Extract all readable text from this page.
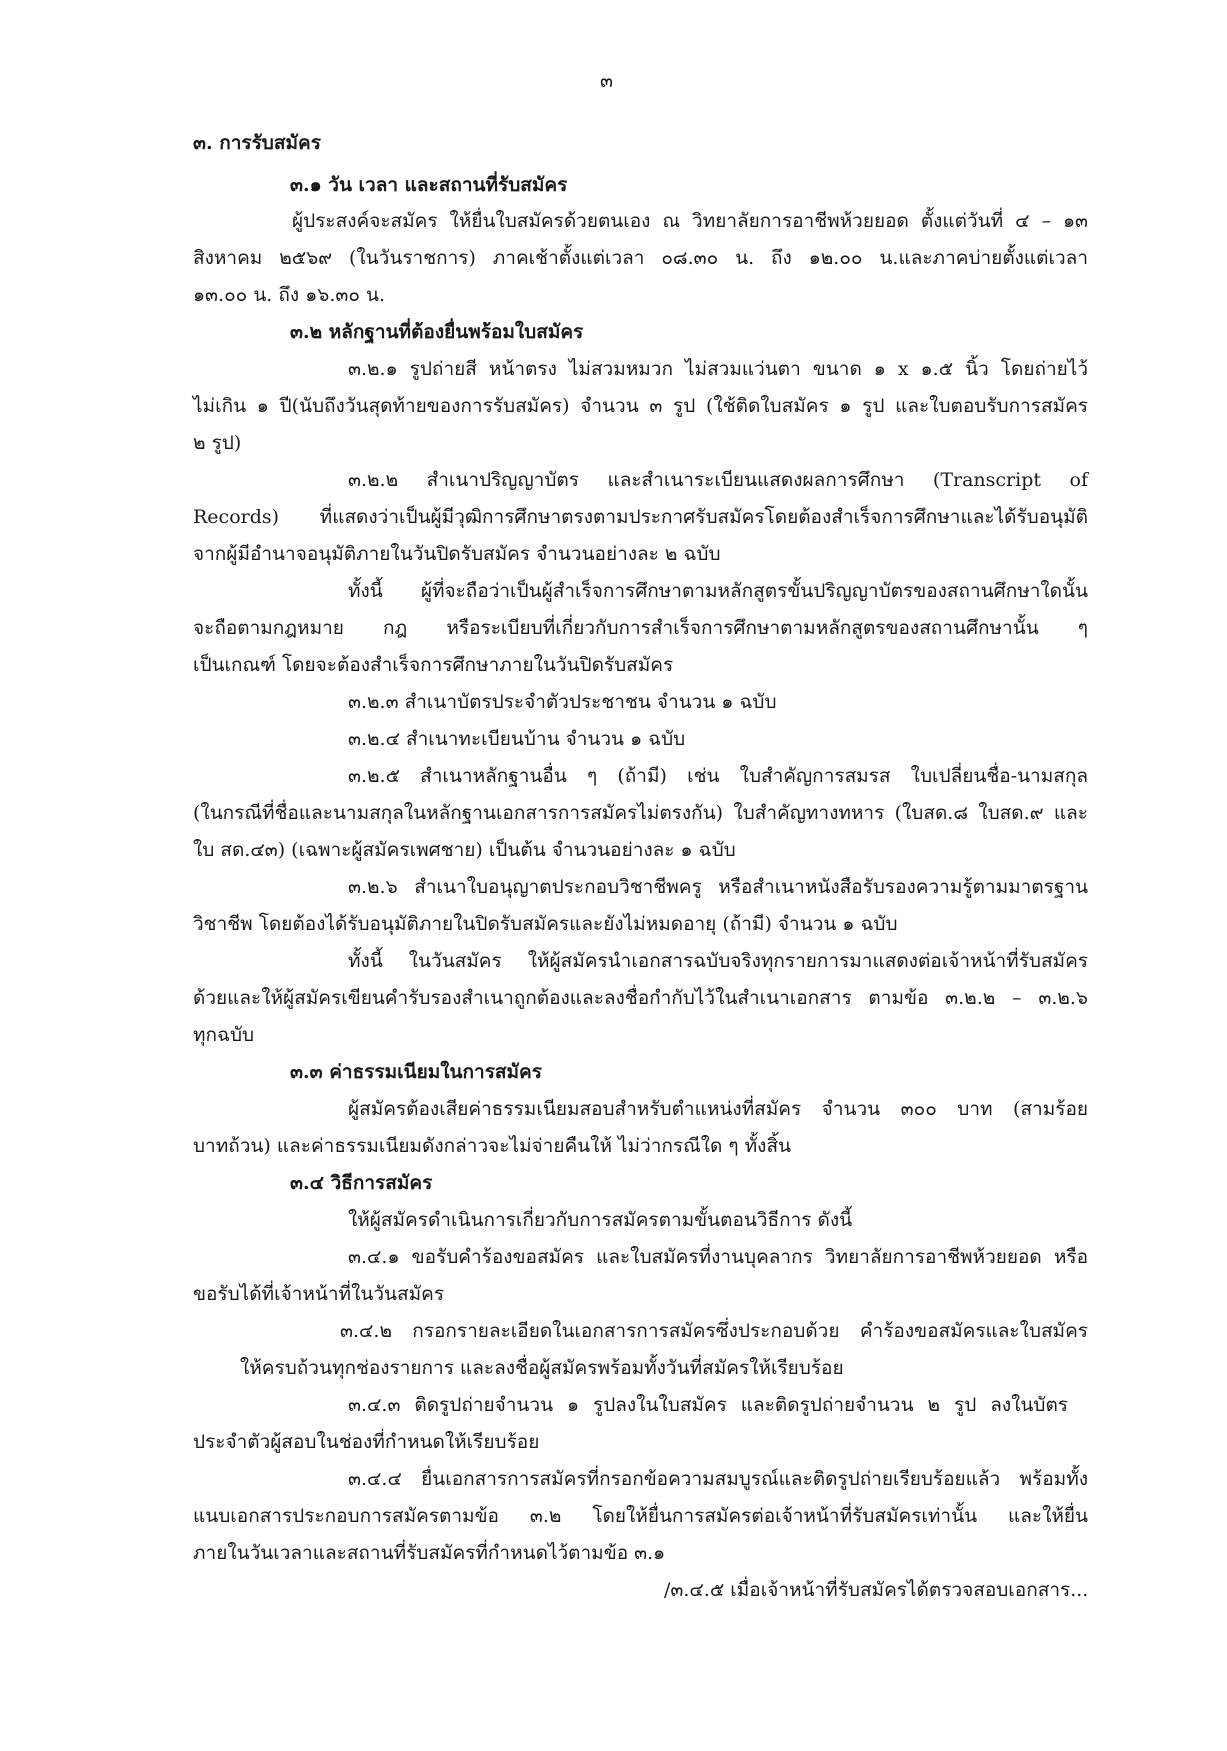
๓
๓. การรับสมัคร
๓.๑ วัน เวลา และสถานที่รับสมัคร
ผู้ประสงค์จะสมัคร ให้ยื่นใบสมัครด้วยตนเอง ณ วิทยาลัยการอาชีพห้วยยอด ตั้งแต่วันที่ ๔ – ๑๓
สิงหาคม ๒๕๖๙ (ในวันราชการ) ภาคเช้าตั้งแต่เวลา ๐๘.๓๐ น. ถึง ๑๒.๐๐ น.และภาคบ่ายตั้งแต่เวลา
๑๓.๐๐ น. ถึง ๑๖.๓๐ น.
๓.๒ หลักฐานที่ต้องยื่นพร้อมใบสมัคร
๓.๒.๑ รูปถ่ายสี หน้าตรง ไม่สวมหมวก ไม่สวมแว่นตา ขนาด ๑ x ๑.๕ นิ้ว โดยถ่ายไว้
ไม่เกิน ๑ ปี(นับถึงวันสุดท้ายของการรับสมัคร) จำนวน ๓ รูป (ใช้ติดใบสมัคร ๑ รูป และใบตอบรับการสมัคร
๒ รูป)
๓.๒.๒ สำเนาปริญญาบัตร และสำเนาระเบียนแสดงผลการศึกษา (Transcript of
Records) ที่แสดงว่าเป็นผู้มีวุฒิการศึกษาตรงตามประกาศรับสมัครโดยต้องสำเร็จการศึกษาและได้รับอนุมัติ
จากผู้มีอำนาจอนุมัติภายในวันปิดรับสมัคร จำนวนอย่างละ ๒ ฉบับ
ทั้งนี้ ผู้ที่จะถือว่าเป็นผู้สำเร็จการศึกษาตามหลักสูตรขั้นปริญญาบัตรของสถานศึกษาใดนั้น
จะถือตามกฎหมาย กฎ หรือระเบียบที่เกี่ยวกับการสำเร็จการศึกษาตามหลักสูตรของสถานศึกษานั้น ๆ
เป็นเกณฑ์ โดยจะต้องสำเร็จการศึกษาภายในวันปิดรับสมัคร
๓.๒.๓ สำเนาบัตรประจำตัวประชาชน จำนวน ๑ ฉบับ
๓.๒.๔ สำเนาทะเบียนบ้าน จำนวน ๑ ฉบับ
๓.๒.๕ สำเนาหลักฐานอื่น ๆ (ถ้ามี) เช่น ใบสำคัญการสมรส ใบเปลี่ยนชื่อ-นามสกุล
(ในกรณีที่ชื่อและนามสกุลในหลักฐานเอกสารการสมัครไม่ตรงกัน) ใบสำคัญทางทหาร (ใบสด.๘ ใบสด.๙ และ
ใบ สด.๔๓) (เฉพาะผู้สมัครเพศชาย) เป็นต้น จำนวนอย่างละ ๑ ฉบับ
๓.๒.๖ สำเนาใบอนุญาตประกอบวิชาชีพครู หรือสำเนาหนังสือรับรองความรู้ตามมาตรฐาน
วิชาชีพ โดยต้องได้รับอนุมัติภายในปิดรับสมัครและยังไม่หมดอายุ (ถ้ามี) จำนวน ๑ ฉบับ
ทั้งนี้ ในวันสมัคร ให้ผู้สมัครนำเอกสารฉบับจริงทุกรายการมาแสดงต่อเจ้าหน้าที่รับสมัคร
ด้วยและให้ผู้สมัครเขียนคำรับรองสำเนาถูกต้องและลงชื่อกำกับไว้ในสำเนาเอกสาร ตามข้อ ๓.๒.๒ – ๓.๒.๖
ทุกฉบับ
๓.๓ ค่าธรรมเนียมในการสมัคร
ผู้สมัครต้องเสียค่าธรรมเนียมสอบสำหรับตำแหน่งที่สมัคร จำนวน ๓๐๐ บาท (สามร้อย
บาทถ้วน) และค่าธรรมเนียมดังกล่าวจะไม่จ่ายคืนให้ ไม่ว่ากรณีใด ๆ ทั้งสิ้น
๓.๔ วิธีการสมัคร
ให้ผู้สมัครดำเนินการเกี่ยวกับการสมัครตามขั้นตอนวิธีการ ดังนี้
๓.๔.๑ ขอรับคำร้องขอสมัคร และใบสมัครที่งานบุคลากร วิทยาลัยการอาชีพห้วยยอด หรือ
ขอรับได้ที่เจ้าหน้าที่ในวันสมัคร
๓.๔.๒ กรอกรายละเอียดในเอกสารการสมัครซึ่งประกอบด้วย คำร้องขอสมัครและใบสมัคร
ให้ครบถ้วนทุกช่องรายการ และลงชื่อผู้สมัครพร้อมทั้งวันที่สมัครให้เรียบร้อย
๓.๔.๓ ติดรูปถ่ายจำนวน ๑ รูปลงในใบสมัคร และติดรูปถ่ายจำนวน ๒ รูป ลงในบัตร
ประจำตัวผู้สอบในช่องที่กำหนดให้เรียบร้อย
๓.๔.๔ ยื่นเอกสารการสมัครที่กรอกข้อความสมบูรณ์และติดรูปถ่ายเรียบร้อยแล้ว พร้อมทั้ง
แนบเอกสารประกอบการสมัครตามข้อ ๓.๒ โดยให้ยื่นการสมัครต่อเจ้าหน้าที่รับสมัครเท่านั้น และให้ยื่น
ภายในวันเวลาและสถานที่รับสมัครที่กำหนดไว้ตามข้อ ๓.๑
/๓.๔.๕ เมื่อเจ้าหน้าที่รับสมัครได้ตรวจสอบเอกสาร...
